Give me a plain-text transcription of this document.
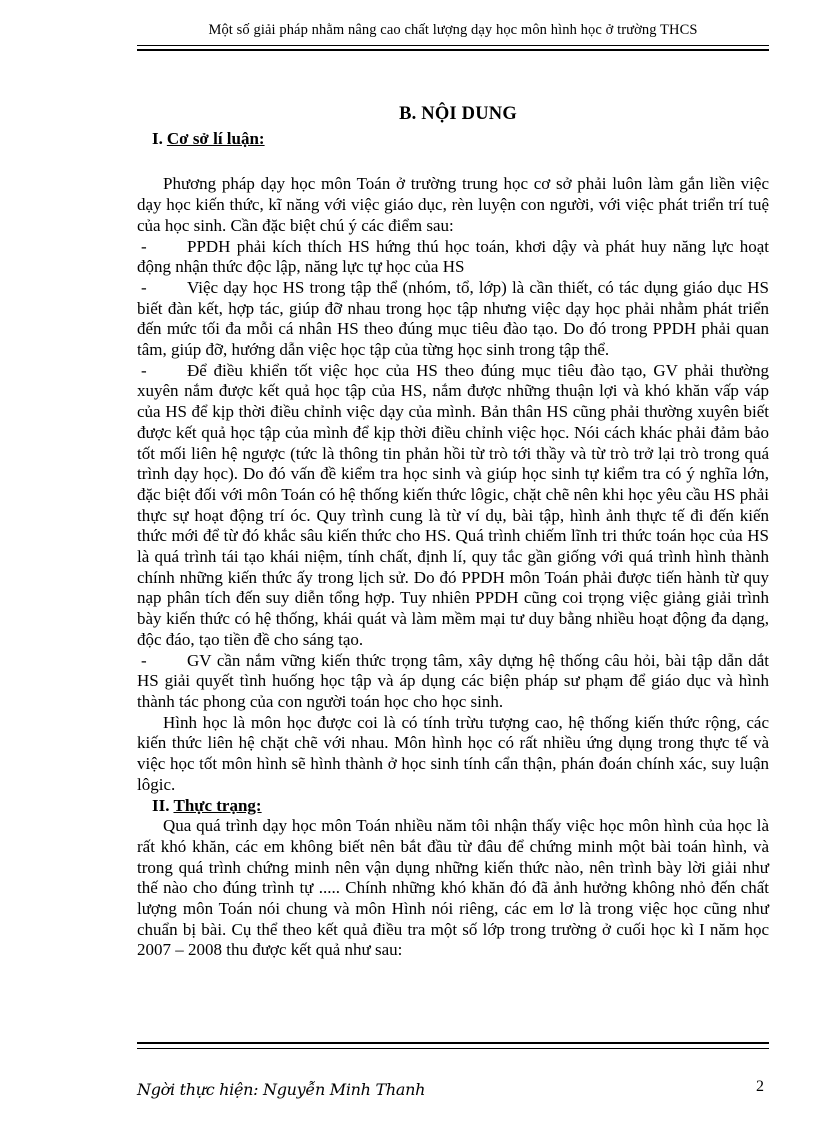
Một số giải pháp nhằm nâng cao chất lượng dạy học môn hình học ở trường THCS
B. NỘI DUNG
I. Cơ sở lí luận:

Phương pháp dạy học môn Toán ở trường trung học cơ sở phải luôn làm gắn liền việc dạy học kiến thức, kĩ năng với việc giáo dục, rèn luyện con người, với việc phát triển trí tuệ của học sinh. Cần đặc biệt chú ý các điểm sau:

- PPDH phải kích thích HS hứng thú học toán, khơi dậy và phát huy năng lực hoạt động nhận thức độc lập, năng lực tự học của HS

- Việc dạy học HS trong tập thể (nhóm, tổ, lớp) là cần thiết, có tác dụng giáo dục HS biết đàn kết, hợp tác, giúp đỡ nhau trong học tập nhưng việc dạy học phải nhằm phát triển đến mức tối đa mỗi cá nhân HS theo đúng mục tiêu đào tạo. Do đó trong PPDH phải quan tâm, giúp đỡ, hướng dẫn việc học tập của từng học sinh trong tập thể.

- Để điều khiển tốt việc học của HS theo đúng mục tiêu đào tạo, GV phải thường xuyên nắm được kết quả học tập của HS, nắm được những thuận lợi và khó khăn vấp váp của HS để kịp thời điều chỉnh việc dạy của mình. Bản thân HS cũng phải thường xuyên biết được kết quả học tập của mình để kịp thời điều chỉnh việc học. Nói cách khác phải đảm bảo tốt mối liên hệ ngược (tức là thông tin phản hồi từ trò tới thầy và từ trò trở lại trò trong quá trình dạy học). Do đó vấn đề kiểm tra học sinh và giúp học sinh tự kiểm tra có ý nghĩa lớn, đặc biệt đối với môn Toán có hệ thống kiến thức lôgic, chặt chẽ nên khi học yêu cầu HS phải thực sự hoạt động trí óc. Quy trình cung là từ ví dụ, bài tập, hình ảnh thực tế đi đến kiến thức mới để từ đó khắc sâu kiến thức cho HS. Quá trình chiếm lĩnh tri thức toán học của HS là quá trình tái tạo khái niệm, tính chất, định lí, quy tắc gần giống với quá trình hình thành chính những kiến thức ấy trong lịch sử. Do đó PPDH môn Toán phải được tiến hành từ quy nạp phân tích đến suy diễn tổng hợp. Tuy nhiên PPDH cũng coi trọng việc giảng giải trình bày kiến thức có hệ thống, khái quát và làm mềm mại tư duy bằng nhiều hoạt động đa dạng, độc đáo, tạo tiền đề cho sáng tạo.

- GV cần nắm vững kiến thức trọng tâm, xây dựng hệ thống câu hỏi, bài tập dẫn dắt HS giải quyết tình huống học tập và áp dụng các biện pháp sư phạm để giáo dục và hình thành tác phong của con người toán học cho học sinh.

Hình học là môn học được coi là có tính trừu tượng cao, hệ thống kiến thức rộng, các kiến thức liên hệ chặt chẽ với nhau. Môn hình học có rất nhiều ứng dụng trong thực tế và việc học tốt môn hình sẽ hình thành ở học sinh tính cẩn thận, phán đoán chính xác, suy luận lôgic.

II. Thực trạng:

Qua quá trình dạy học môn Toán nhiều năm tôi nhận thấy việc học môn hình của học là rất khó khăn, các em không biết nên bắt đầu từ đâu để chứng minh một bài toán hình, và trong quá trình chứng minh nên vận dụng những kiến thức nào, nên trình bày lời giải như thế nào cho đúng trình tự ..... Chính những khó khăn đó đã ảnh hưởng không nhỏ đến chất lượng môn Toán nói chung và môn Hình nói riêng, các em lơ là trong việc học cũng như chuẩn bị bài. Cụ thể theo kết quả điều tra một số lớp trong trường ở cuối học kì I năm học 2007 – 2008 thu được kết quả như sau:

Ngời thực hiện: Nguyễn Minh Thanh	2
